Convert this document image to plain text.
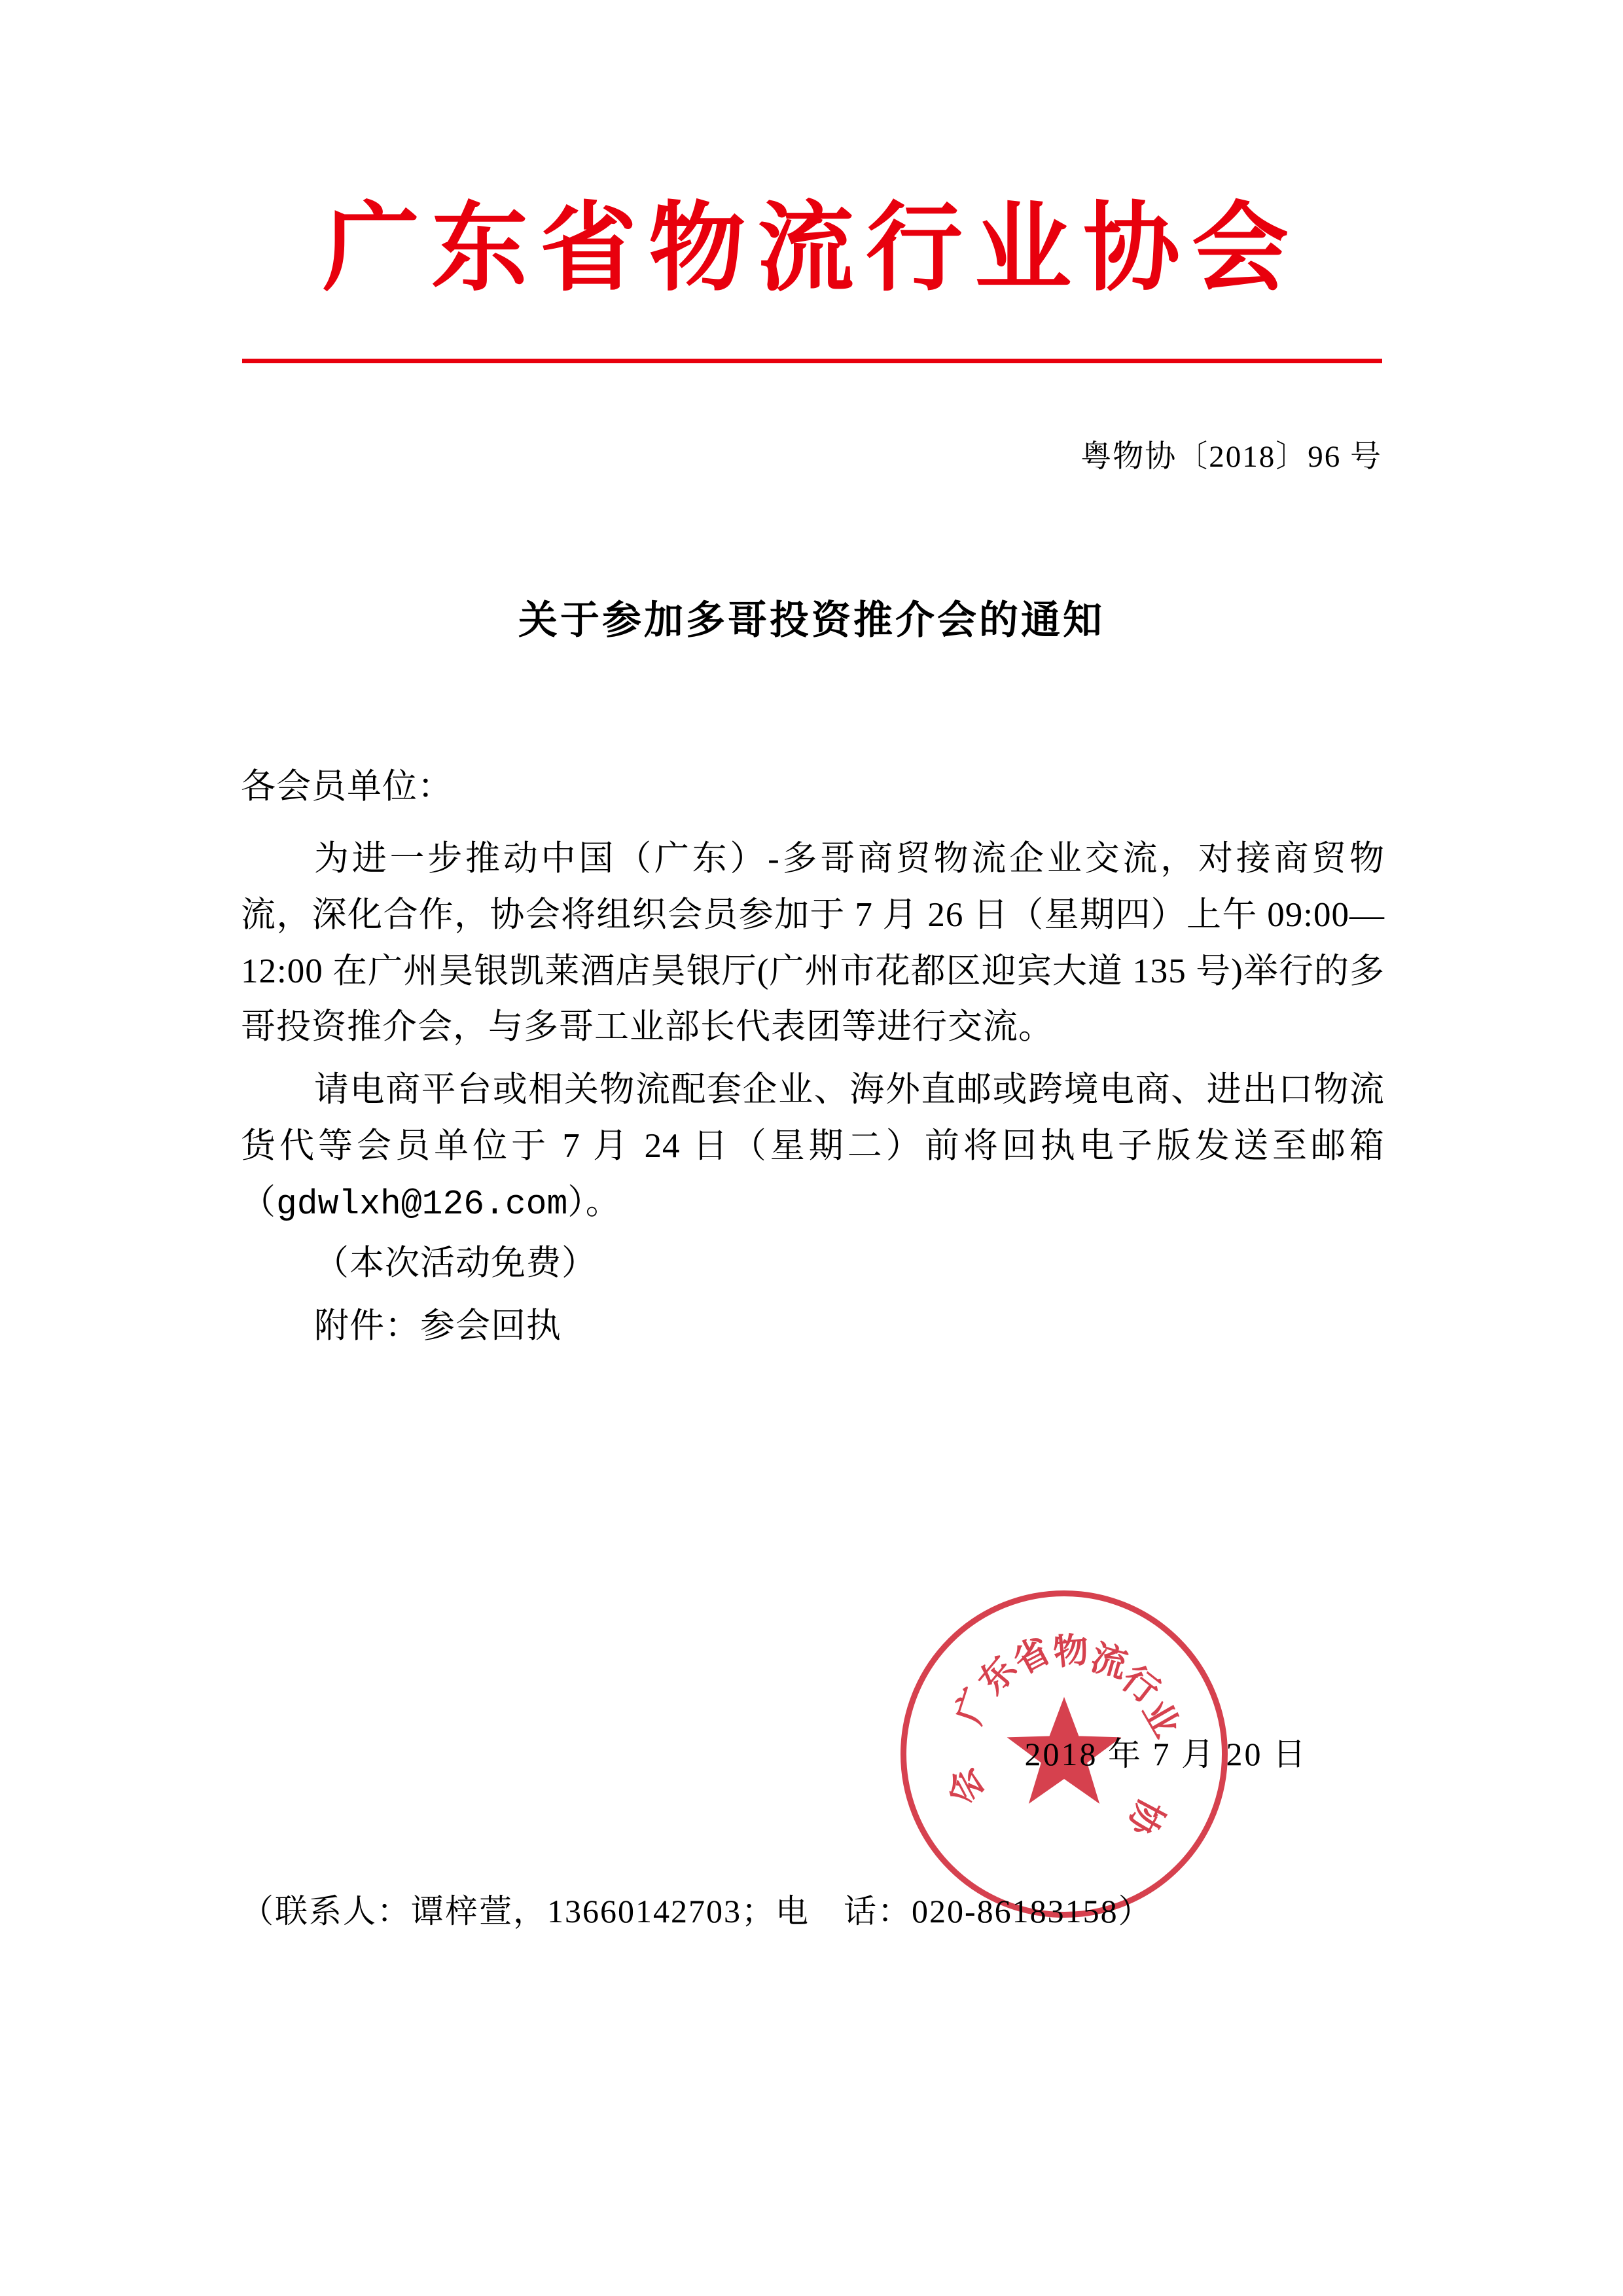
广东省物流行业协会
粤物协〔2018〕96 号
关于参加多哥投资推介会的通知

各会员单位：

为进一步推动中国（广东）-多哥商贸物流企业交流，对接商贸物流，深化合作，协会将组织会员参加于 7 月 26 日（星期四）上午 09:00—12:00 在广州昊银凯莱酒店昊银厅(广州市花都区迎宾大道 135 号)举行的多哥投资推介会，与多哥工业部长代表团等进行交流。

请电商平台或相关物流配套企业、海外直邮或跨境电商、进出口物流货代等会员单位于 7 月 24 日（星期二）前将回执电子版发送至邮箱（gdwlxh@126.com）。

（本次活动免费）

附件：参会回执

广
东
省
物
流
行
业
协
会
2018 年 7 月 20 日
（联系人：谭梓萱，13660142703；电　话：020-86183158）
